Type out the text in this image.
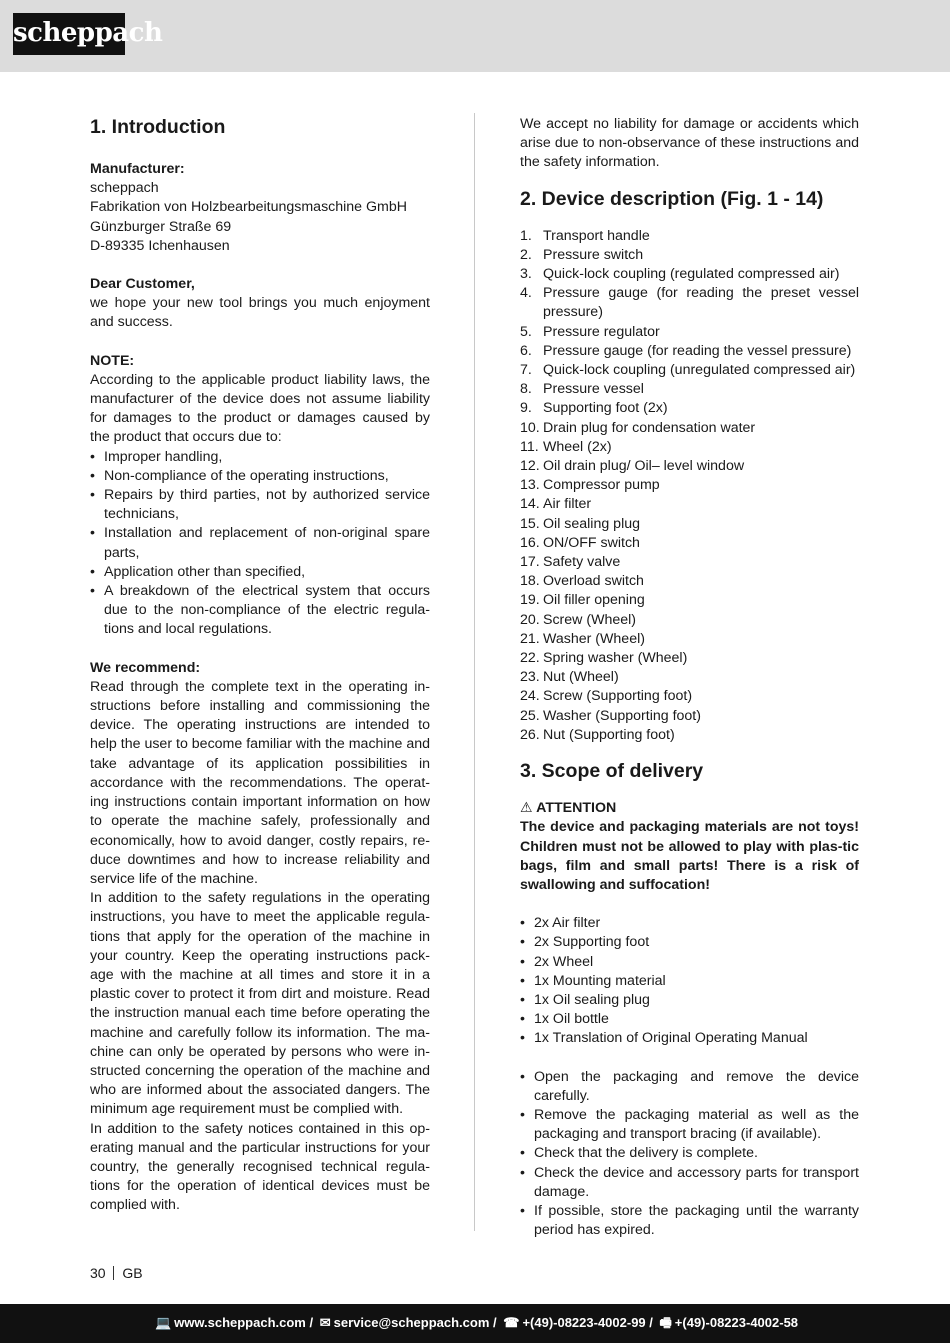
scheppach
1. Introduction

Manufacturer:

scheppach

Fabrikation von Holzbearbeitungsmaschine GmbH

Günzburger Straße 69

D-89335 Ichenhausen

Dear Customer,

we hope your new tool brings you much enjoyment and success.

NOTE:

According to the applicable product liability laws, the manufacturer of the device does not assume liability for damages to the product or damages caused by the product that occurs due to:

• Improper handling,
• Non-compliance of the operating instructions,
• Repairs by third parties, not by authorized service technicians,
• Installation and replacement of non-original spare parts,
• Application other than specified,
• A breakdown of the electrical system that occurs due to the non-compliance of the electric regula-tions and local regulations.

We recommend:

Read through the complete text in the operating in-structions before installing and commissioning the device. The operating instructions are intended to help the user to become familiar with the machine and take advantage of its application possibilities in accordance with the recommendations. The operat-ing instructions contain important information on how to operate the machine safely, professionally and economically, how to avoid danger, costly repairs, re-duce downtimes and how to increase reliability and service life of the machine.

In addition to the safety regulations in the operating instructions, you have to meet the applicable regula-tions that apply for the operation of the machine in your country. Keep the operating instructions pack-age with the machine at all times and store it in a plastic cover to protect it from dirt and moisture. Read the instruction manual each time before operating the machine and carefully follow its information. The ma-chine can only be operated by persons who were in-structed concerning the operation of the machine and who are informed about the associated dangers. The minimum age requirement must be complied with.

In addition to the safety notices contained in this op-erating manual and the particular instructions for your country, the generally recognised technical regula-tions for the operation of identical devices must be complied with.

We accept no liability for damage or accidents which arise due to non-observance of these instructions and the safety information.

2. Device description (Fig. 1 - 14)
1. Transport handle
2. Pressure switch
3. Quick-lock coupling (regulated compressed air)
4. Pressure gauge (for reading the preset vessel pressure)
5. Pressure regulator
6. Pressure gauge (for reading the vessel pressure)
7. Quick-lock coupling (unregulated compressed air)
8. Pressure vessel
9. Supporting foot (2x)
10. Drain plug for condensation water
11. Wheel (2x)
12. Oil drain plug/ Oil– level window
13. Compressor pump
14. Air filter
15. Oil sealing plug
16. ON/OFF switch
17. Safety valve
18. Overload switch
19. Oil filler opening
20. Screw (Wheel)
21. Washer (Wheel)
22. Spring washer (Wheel)
23. Nut (Wheel)
24. Screw (Supporting foot)
25. Washer (Supporting foot)
26. Nut (Supporting foot)
3. Scope of delivery

⚠ ATTENTION

The device and packaging materials are not toys! Children must not be allowed to play with plas-tic bags, film and small parts! There is a risk of swallowing and suffocation!

• 2x Air filter
• 2x Supporting foot
• 2x Wheel
• 1x Mounting material
• 1x Oil sealing plug
• 1x Oil bottle
• 1x Translation of Original Operating Manual
• Open the packaging and remove the device carefully.
• Remove the packaging material as well as the packaging and transport bracing (if available).
• Check that the delivery is complete.
• Check the device and accessory parts for transport damage.
• If possible, store the packaging until the warranty period has expired.
30 GB
💻 www.scheppach.com / ✉ service@scheppach.com / ☎ +(49)-08223-4002-99 / 🖷 +(49)-08223-4002-58
